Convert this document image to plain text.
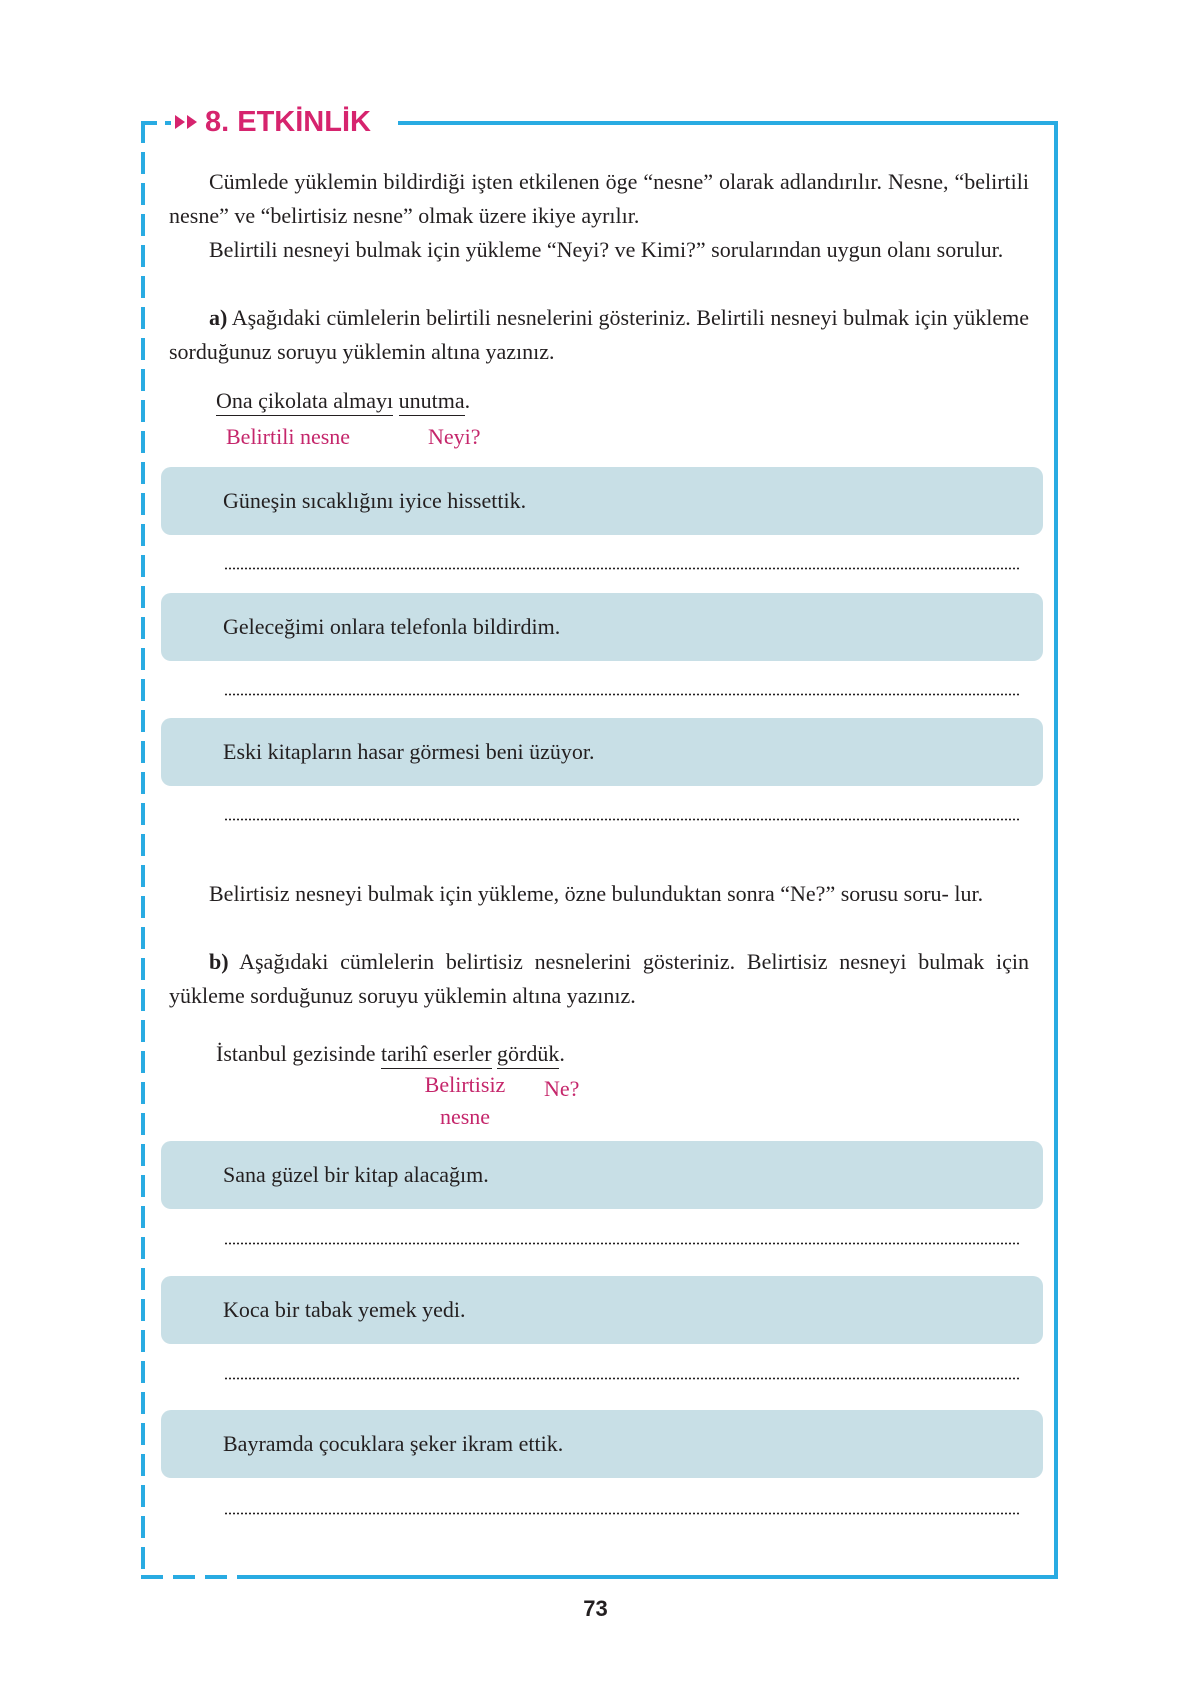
8. ETKİNLİK

Cümlede yüklemin bildirdiği işten etkilenen öge “nesne” olarak adlandırılır. Nesne, “belirtili nesne” ve “belirtisiz nesne” olmak üzere ikiye ayrılır.

Belirtili nesneyi bulmak için yükleme “Neyi? ve Kimi?” sorularından uygun olanı sorulur.

a) Aşağıdaki cümlelerin belirtili nesnelerini gösteriniz. Belirtili nesneyi bulmak için yükleme sorduğunuz soruyu yüklemin altına yazınız.

Ona çikolata almayı unutma.
Belirtili nesne	Neyi?
Güneşin sıcaklığını iyice hissettik.
Geleceğimi onlara telefonla bildirdim.
Eski kitapların hasar görmesi beni üzüyor.

Belirtisiz nesneyi bulmak için yükleme, özne bulunduktan sonra “Ne?” sorusu soru- lur.

b) Aşağıdaki cümlelerin belirtisiz nesnelerini gösteriniz. Belirtisiz nesneyi bulmak için yükleme sorduğunuz soruyu yüklemin altına yazınız.

İstanbul gezisinde tarihî eserler gördük.
Belirtisiz
nesne
Ne?
Sana güzel bir kitap alacağım.
Koca bir tabak yemek yedi.
Bayramda çocuklara şeker ikram ettik.
73
